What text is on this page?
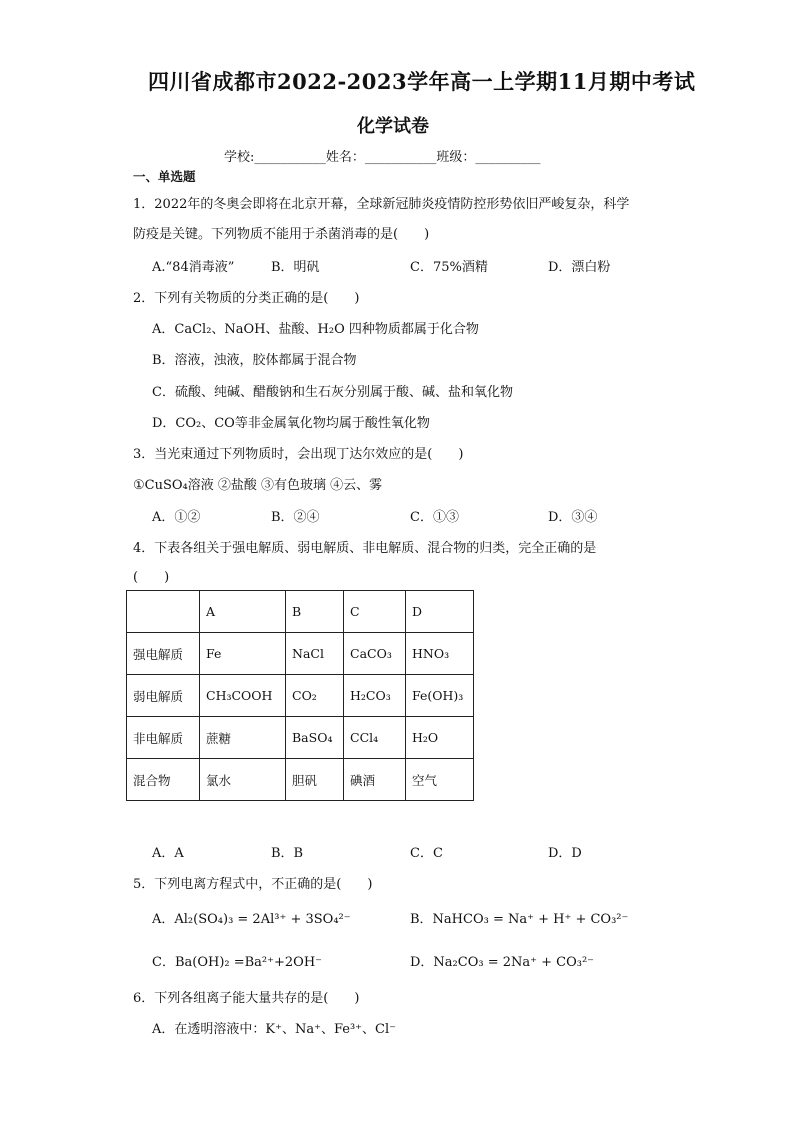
四川省成都市2022-2023学年高一上学期11月期中考试
化学试卷
学校:___________姓名：___________班级：__________
一、单选题
1．2022年的冬奥会即将在北京开幕，全球新冠肺炎疫情防控形势依旧严峻复杂，科学
防疫是关键。下列物质不能用于杀菌消毒的是(　　)
A.“84消毒液”	B．明矾	C．75%酒精	D．漂白粉
2．下列有关物质的分类正确的是(　　)
A．CaCl₂、NaOH、盐酸、H₂O 四种物质都属于化合物
B．溶液，浊液，胶体都属于混合物
C．硫酸、纯碱、醋酸钠和生石灰分别属于酸、碱、盐和氧化物
D．CO₂、CO等非金属氧化物均属于酸性氧化物
3．当光束通过下列物质时，会出现丁达尔效应的是(　　)
①CuSO₄溶液 ②盐酸 ③有色玻璃 ④云、雾
A．①②	B．②④	C．①③	D．③④
4．下表各组关于强电解质、弱电解质、非电解质、混合物的归类，完全正确的是
(　　)
	A	B	C	D
强电解质	Fe	NaCl	CaCO₃	HNO₃
弱电解质	CH₃COOH	CO₂	H₂CO₃	Fe(OH)₃
非电解质	蔗糖	BaSO₄	CCl₄	H₂O
混合物	氯水	胆矾	碘酒	空气
A．A	B．B	C．C	D．D
5．下列电离方程式中，不正确的是(　　)
A．Al₂(SO₄)₃ = 2Al³⁺ + 3SO₄²⁻	B．NaHCO₃ = Na⁺ + H⁺ + CO₃²⁻
C．Ba(OH)₂ =Ba²⁺+2OH⁻	D．Na₂CO₃ = 2Na⁺ + CO₃²⁻
6．下列各组离子能大量共存的是(　　)
A．在透明溶液中：K⁺、Na⁺、Fe³⁺、Cl⁻
